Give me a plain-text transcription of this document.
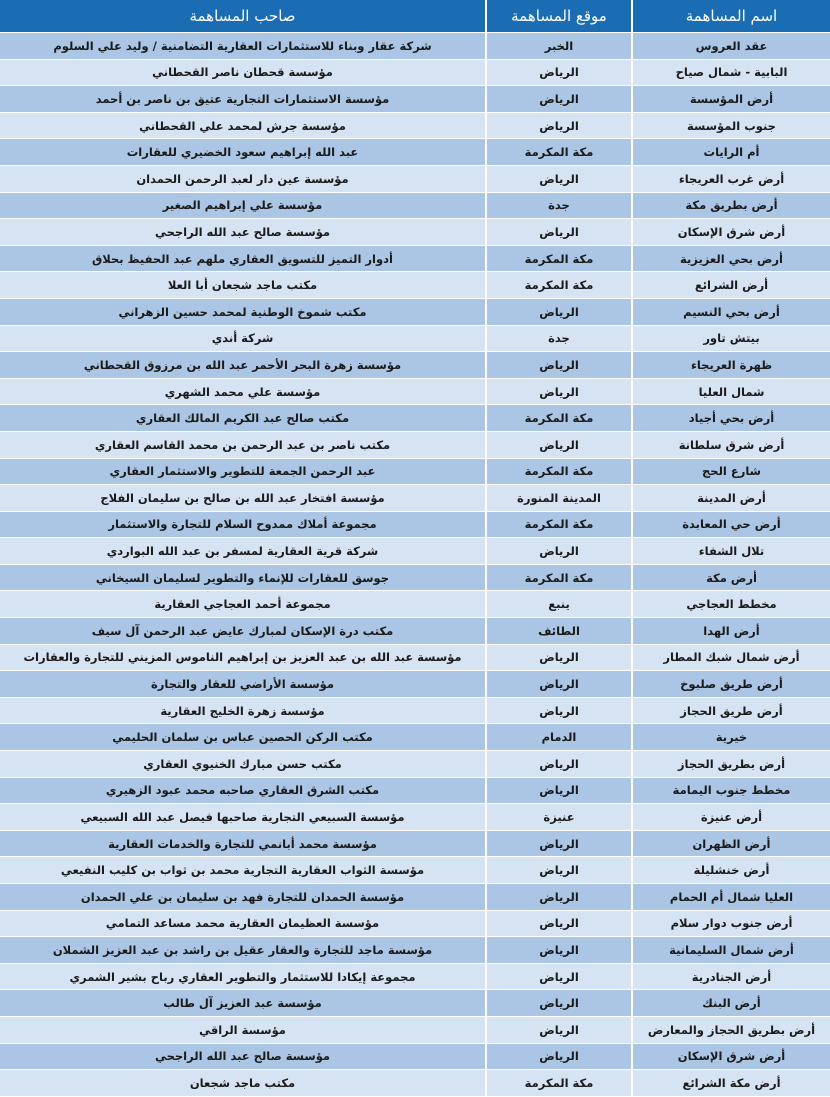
اسم المساهمة	موقع المساهمة	صاحب المساهمة
عقد العروس	الخبر	شركة عقار وبناء للاستثمارات العقارية التضامنية / وليد علي السلوم
البابية - شمال صياح	الرياض	مؤسسة قحطان ناصر القحطاني
أرض المؤسسة	الرياض	مؤسسة الاستثمارات التجارية عتيق بن ناصر بن أحمد
جنوب المؤسسة	الرياض	مؤسسة جرش لمحمد علي القحطاني
أم الرايات	مكة المكرمة	عبد الله إبراهيم سعود الخضيري للعقارات
أرض غرب العريجاء	الرياض	مؤسسة عين دار لعبد الرحمن الحمدان
أرض بطريق مكة	جدة	مؤسسة علي إبراهيم الصغير
أرض شرق الإسكان	الرياض	مؤسسة صالح عبد الله الراجحي
أرض بحي العزيزية	مكة المكرمة	أدوار التميز للتسويق العقاري ملهم عبد الحفيظ بحلاق
أرض الشرائع	مكة المكرمة	مكتب ماجد شجعان أبا العلا
أرض بحي النسيم	الرياض	مكتب شموخ الوطنية لمحمد حسين الزهراني
بيتش تاور	جدة	شركة أندي
ظهرة العريجاء	الرياض	مؤسسة زهرة البحر الأحمر عبد الله بن مرزوق القحطاني
شمال العليا	الرياض	مؤسسة علي محمد الشهري
أرض بحي أجياد	مكة المكرمة	مكتب صالح عبد الكريم المالك العقاري
أرض شرق سلطانة	الرياض	مكتب ناصر بن عبد الرحمن بن محمد القاسم العقاري
شارع الحج	مكة المكرمة	عبد الرحمن الجمعة للتطوير والاستثمار العقاري
أرض المدينة	المدينة المنورة	مؤسسة افتخار عبد الله بن صالح بن سليمان الفلاج
أرض حي المعابدة	مكة المكرمة	مجموعة أملاك ممدوح السلام للتجارة والاستثمار
تلال الشفاء	الرياض	شركة قرية العقارية لمسفر بن عبد الله البواردي
أرض مكة	مكة المكرمة	جوسق للعقارات للإنماء والتطوير لسليمان السيخاني
مخطط العجاجي	ينبع	مجموعة أحمد العجاجي العقارية
أرض الهدا	الطائف	مكتب درة الإسكان لمبارك عايض عبد الرحمن آل سيف
أرض شمال شبك المطار	الرياض	مؤسسة عبد الله بن عبد العزيز بن إبراهيم الناموس المزيني للتجارة والعقارات
أرض طريق صلبوخ	الرياض	مؤسسة الأراضي للعقار والتجارة
أرض طريق الحجاز	الرياض	مؤسسة زهرة الخليج العقارية
خيرية	الدمام	مكتب الركن الحصين عباس بن سلمان الحليمي
أرض بطريق الحجاز	الرياض	مكتب حسن مبارك الخنيوي العقاري
مخطط جنوب اليمامة	الرياض	مكتب الشرق العقاري صاحبه محمد عبود الزهيري
أرض عنيزة	عنيزة	مؤسسة السبيعي التجارية صاحبها فيصل عبد الله السبيعي
أرض الظهران	الرياض	مؤسسة محمد أبانمي للتجارة والخدمات العقارية
أرض خنشليلة	الرياض	مؤسسة الثواب العقارية التجارية محمد بن ثواب بن كليب النفيعي
العليا شمال أم الحمام	الرياض	مؤسسة الحمدان للتجارة فهد بن سليمان بن علي الحمدان
أرض جنوب دوار سلام	الرياض	مؤسسة العظيمان العقارية محمد مساعد التمامي
أرض شمال السليمانية	الرياض	مؤسسة ماجد للتجارة والعقار عقيل بن راشد بن عبد العزيز الشملان
أرض الجنادرية	الرياض	مجموعة إيكادا للاستثمار والتطوير العقاري رباح بشير الشمري
أرض البنك	الرياض	مؤسسة عبد العزيز آل طالب
أرض بطريق الحجاز والمعارض	الرياض	مؤسسة الراقي
أرض شرق الإسكان	الرياض	مؤسسة صالح عبد الله الراجحي
أرض مكة الشرائع	مكة المكرمة	مكتب ماجد شجعان
